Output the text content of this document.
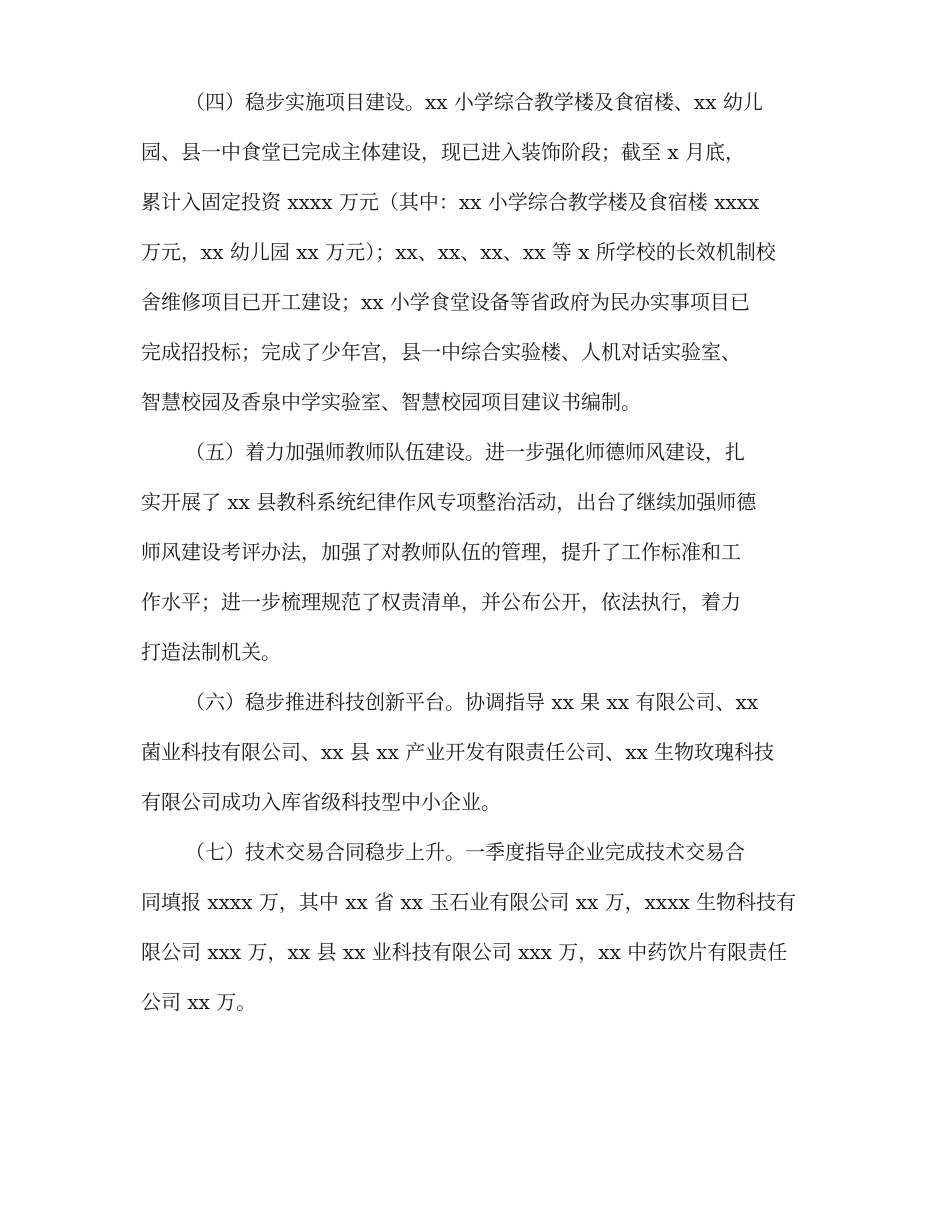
（四）稳步实施项目建设。xx 小学综合教学楼及食宿楼、xx 幼儿
园、县一中食堂已完成主体建设，现已进入装饰阶段；截至 x 月底，
累计入固定投资 xxxx 万元（其中：xx 小学综合教学楼及食宿楼 xxxx
万元，xx 幼儿园 xx 万元）；xx、xx、xx、xx 等 x 所学校的长效机制校
舍维修项目已开工建设；xx 小学食堂设备等省政府为民办实事项目已
完成招投标；完成了少年宫，县一中综合实验楼、人机对话实验室、
智慧校园及香泉中学实验室、智慧校园项目建议书编制。
（五）着力加强师教师队伍建设。进一步强化师德师风建设，扎
实开展了 xx 县教科系统纪律作风专项整治活动，出台了继续加强师德
师风建设考评办法，加强了对教师队伍的管理，提升了工作标准和工
作水平；进一步梳理规范了权责清单，并公布公开，依法执行，着力
打造法制机关。
（六）稳步推进科技创新平台。协调指导 xx 果 xx 有限公司、xx
菌业科技有限公司、xx 县 xx 产业开发有限责任公司、xx 生物玫瑰科技
有限公司成功入库省级科技型中小企业。
（七）技术交易合同稳步上升。一季度指导企业完成技术交易合
同填报 xxxx 万，其中 xx 省 xx 玉石业有限公司 xx 万，xxxx 生物科技有
限公司 xxx 万，xx 县 xx 业科技有限公司 xxx 万，xx 中药饮片有限责任
公司 xx 万。
